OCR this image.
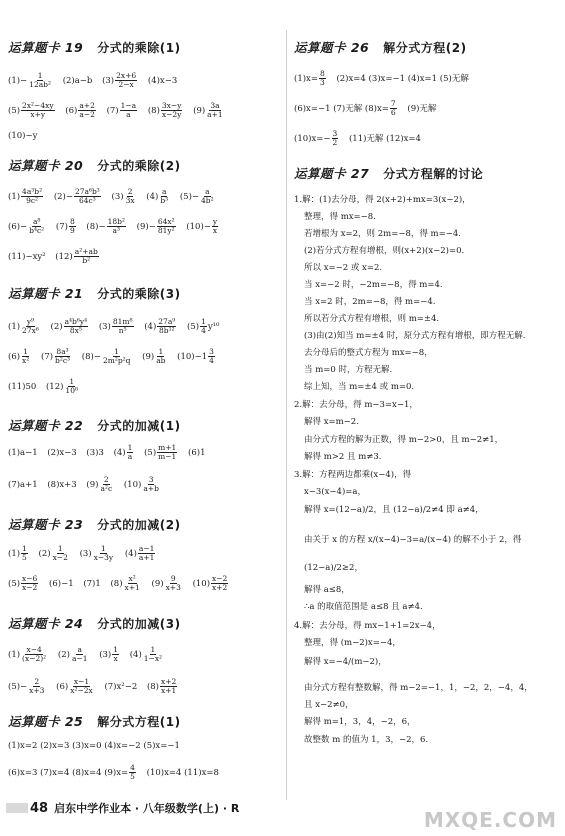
运算题卡 19 分式的乘除(1)
$(1)- \frac{1}{\text{12ab²}} (2)a-b$ $(3) \frac{2x+6}{2-x} (4)x-3$
$(5) \frac{\text{2x²−4xy}}{x+y} (6) \frac{a+2}{a-2} (7) \frac{1-a}{a} (8) \frac{3x-y}{x-2y} (9) \frac{3a}{a+1}$
(10)−y
运算题卡 20 分式的乘除(2)
$(1) \frac{\text{4a³b²}}{\text{9c²}} (2)- \frac{\text{27a⁶b³}}{\text{64c³}} (3) \frac{2}{3x} (4) \frac{a}{\text{b³}} (5)- \frac{a}{\text{4b²}}$
$(6)- \frac{\text{a⁸}}{\text{b⁴c²}} (7) \frac{8}{9} (8)- \frac{\text{18b²}}{\text{a³}} (9)- \frac{\text{64x²}}{\text{81y²}} (10)- \frac{y}{x}$
(11)−xy² $(12) \frac{\text{a²+ab}}{\text{b²}}$
运算题卡 21 分式的乘除(3)
$(1) \frac{\text{y⁹}}{\text{27x⁶}} (2) \frac{\text{a⁴b⁶y⁴}}{\text{8x⁵}} (3) \frac{\text{81m⁸}}{\text{n⁵}} (4) \frac{\text{27a⁹}}{\text{8b¹²}} (5) \frac{1}{4} y^{10}$
$(6) \frac{1}{\text{x²}} (7) \frac{\text{8a³}}{\text{b²c³}} (8)- \frac{1}{\text{2m²p²q}} (9) \frac{1}{ab} (10)-1 \frac{3}{4}$
(11)50 $(12) \frac{1}{\text{10⁸}}$
运算题卡 22 分式的加减(1)
(1)a−1 (2)x−3 (3)3 $(4) \frac{1}{a} (5) \frac{m+1}{m-1} (6)1$
(7)a+1 (8)x+3 $(9) \frac{2}{\text{a²c}} (10) \frac{3}{a+b}$
运算题卡 23 分式的加减(2)
$(1) \frac{1}{5} (2) \frac{1}{x-2} (3) \frac{1}{x-3y} (4) \frac{a-1}{a+1}$
$(5) \frac{x-6}{x-2} (6)-1$ (7)1 $(8) \frac{\text{x²}}{x+1} (9) \frac{9}{x+3} (10) \frac{x-2}{x+2}$
运算题卡 24 分式的加减(3)
$(1) \frac{x-4}{\text{(x−2)²}} (2) \frac{a}{a-1} (3) \frac{1}{x} (4) \frac{1}{\text{1−x²}}$
$(5)- \frac{2}{x+3} (6) \frac{x-1}{\text{x²−2x}} (7)x^2-2$ $(8) \frac{x+2}{x+1}$
运算题卡 25 解分式方程(1)
(1)x=2 (2)x=3 (3)x=0 (4)x=−2 (5)x=−1
(6)x=3 (7)x=4 (8)x=4 $(9)x= \frac{4}{5} (10)x=4$ (11)x=8
运算题卡 26 解分式方程(2)
$(1)x= \frac{8}{3} (2)x=4$ (3)x=−1 (4)x=1 (5)无解
(6)x=−1 (7)无解 $(8)x= \frac{7}{6} (9)$无解
$(10)x=- \frac{3}{2} (11)$无解 (12)x=4
运算题卡 27 分式方程解的讨论
1.解：(1)去分母，得 2(x+2)+mx=3(x−2)，
整理，得 mx=−8.
若增根为 x=2，则 2m=−8，得 m=−4.
(2)若分式方程有增根，则(x+2)(x−2)=0.
所以 x=−2 或 x=2.
当 x=−2 时，−2m=−8，得 m=4.
当 x=2 时，2m=−8，得 m=−4.
所以若分式方程有增根，则 m=±4.
(3)由(2)知当 m=±4 时，原分式方程有增根，即方程无解.
去分母后的整式方程为 mx=−8，
当 m=0 时，方程无解.
综上知，当 m=±4 或 m=0.
2.解：去分母，得 m−3=x−1，
解得 x=m−2.
由分式方程的解为正数，得 m−2>0，且 m−2≠1，
解得 m>2 且 m≠3.
3.解：方程两边都乘(x−4)，得
x−3(x−4)=a，
解得 x=(12−a)/2，且 (12−a)/2≠4 即 a≠4，
由关于 x 的方程 x/(x−4)−3=a/(x−4) 的解不小于 2，得
(12−a)/2≥2，
解得 a≤8，
∴a 的取值范围是 a≤8 且 a≠4.
4.解：去分母，得 mx−1+1=2x−4，
整理，得 (m−2)x=−4，
解得 x=−4/(m−2)，
由分式方程有整数解，得 m−2=−1，1，−2，2，−4，4，
且 x−2≠0，
解得 m=1，3，4，−2，6，
故整数 m 的值为 1，3，−2，6.
48 启东中学作业本 · 八年级数学(上) · R	MXQE.COM
